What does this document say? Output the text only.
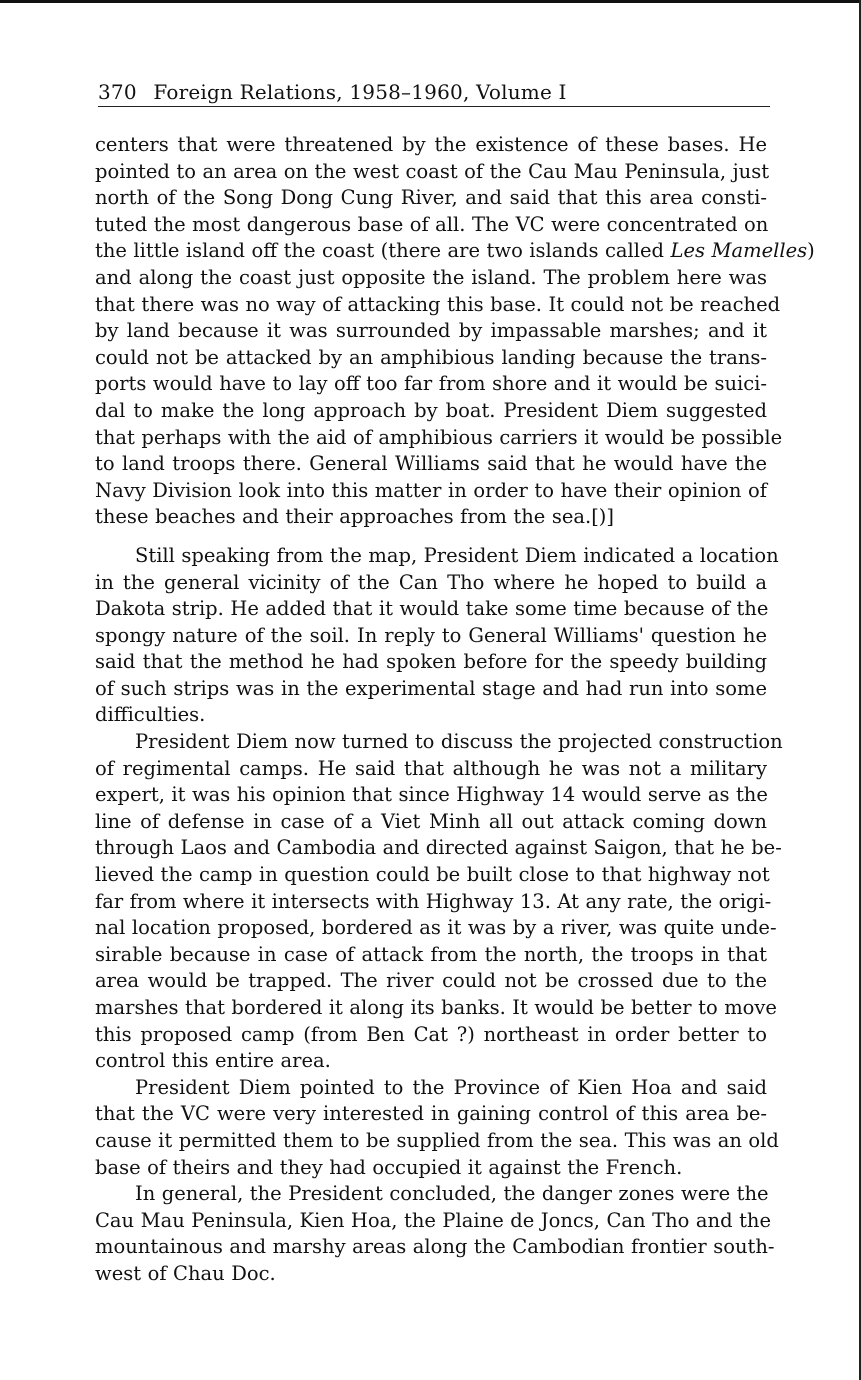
370 Foreign Relations, 1958–1960, Volume I
centers that were threatened by the existence of these bases. He
pointed to an area on the west coast of the Cau Mau Peninsula, just
north of the Song Dong Cung River, and said that this area consti-
tuted the most dangerous base of all. The VC were concentrated on
the little island off the coast (there are two islands called Les Mamelles)
and along the coast just opposite the island. The problem here was
that there was no way of attacking this base. It could not be reached
by land because it was surrounded by impassable marshes; and it
could not be attacked by an amphibious landing because the trans-
ports would have to lay off too far from shore and it would be suici-
dal to make the long approach by boat. President Diem suggested
that perhaps with the aid of amphibious carriers it would be possible
to land troops there. General Williams said that he would have the
Navy Division look into this matter in order to have their opinion of
these beaches and their approaches from the sea.[)]
Still speaking from the map, President Diem indicated a location
in the general vicinity of the Can Tho where he hoped to build a
Dakota strip. He added that it would take some time because of the
spongy nature of the soil. In reply to General Williams' question he
said that the method he had spoken before for the speedy building
of such strips was in the experimental stage and had run into some
difficulties.
President Diem now turned to discuss the projected construction
of regimental camps. He said that although he was not a military
expert, it was his opinion that since Highway 14 would serve as the
line of defense in case of a Viet Minh all out attack coming down
through Laos and Cambodia and directed against Saigon, that he be-
lieved the camp in question could be built close to that highway not
far from where it intersects with Highway 13. At any rate, the origi-
nal location proposed, bordered as it was by a river, was quite unde-
sirable because in case of attack from the north, the troops in that
area would be trapped. The river could not be crossed due to the
marshes that bordered it along its banks. It would be better to move
this proposed camp (from Ben Cat ?) northeast in order better to
control this entire area.
President Diem pointed to the Province of Kien Hoa and said
that the VC were very interested in gaining control of this area be-
cause it permitted them to be supplied from the sea. This was an old
base of theirs and they had occupied it against the French.
In general, the President concluded, the danger zones were the
Cau Mau Peninsula, Kien Hoa, the Plaine de Joncs, Can Tho and the
mountainous and marshy areas along the Cambodian frontier south-
west of Chau Doc.
